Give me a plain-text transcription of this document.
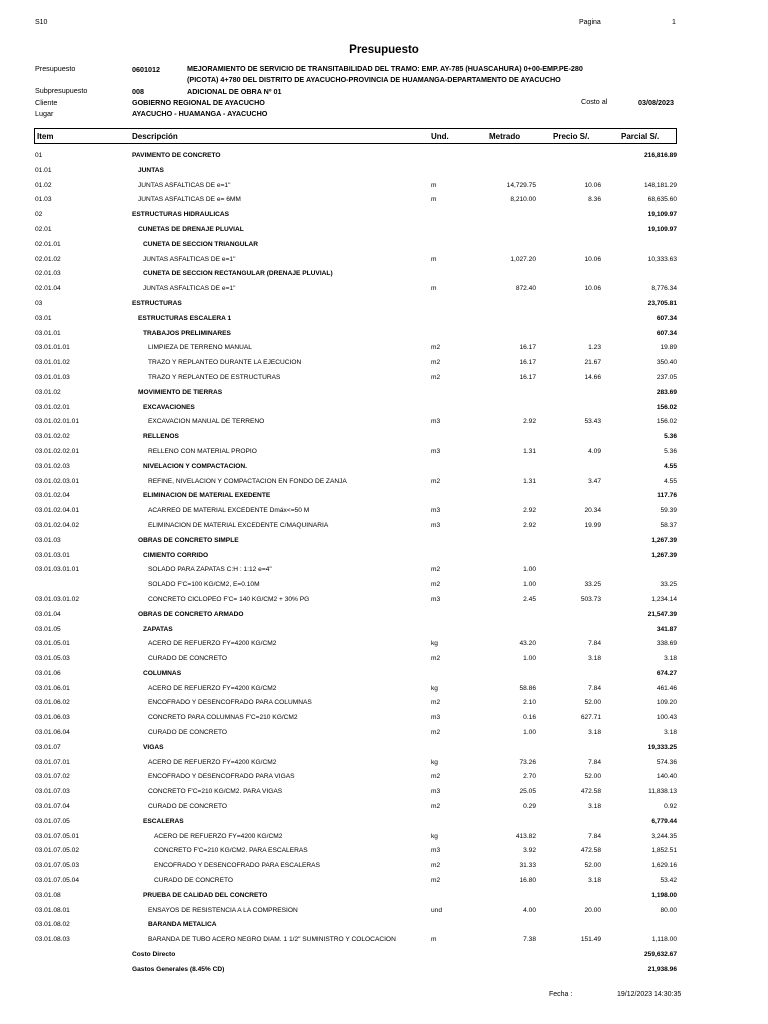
S10	Pagina	1
Presupuesto
Presupuesto	0601012	MEJORAMIENTO DE SERVICIO DE TRANSITABILIDAD DEL TRAMO: EMP. AY-785 (HUASCAHURA) 0+00-EMP.PE-280
(PICOTA) 4+780 DEL DISTRITO DE AYACUCHO-PROVINCIA DE HUAMANGA-DEPARTAMENTO DE AYACUCHO
Subpresupuesto	008	ADICIONAL DE OBRA Nº 01
Cliente	GOBIERNO REGIONAL DE AYACUCHO	Costo al	03/08/2023
Lugar	AYACUCHO - HUAMANGA - AYACUCHO
Item	Descripción	Und.	Metrado	Precio S/.	Parcial S/.
01	PAVIMENTO DE CONCRETO	216,816.89
01.01	JUNTAS
01.02	JUNTAS ASFALTICAS DE e=1"	m	14,729.75	10.06	148,181.29
01.03	JUNTAS ASFALTICAS DE e= 6MM	m	8,210.00	8.36	68,635.60
02	ESTRUCTURAS HIDRAULICAS	19,109.97
02.01	CUNETAS DE DRENAJE PLUVIAL	19,109.97
02.01.01	CUNETA DE SECCION TRIANGULAR
02.01.02	JUNTAS ASFALTICAS DE e=1"	m	1,027.20	10.06	10,333.63
02.01.03	CUNETA DE SECCION RECTANGULAR (DRENAJE PLUVIAL)
02.01.04	JUNTAS ASFALTICAS DE e=1"	m	872.40	10.06	8,776.34
03	ESTRUCTURAS	23,705.81
03.01	ESTRUCTURAS ESCALERA 1	607.34
03.01.01	TRABAJOS PRELIMINARES	607.34
03.01.01.01	LIMPIEZA DE TERRENO MANUAL	m2	16.17	1.23	19.89
03.01.01.02	TRAZO Y REPLANTEO DURANTE LA EJECUCION	m2	16.17	21.67	350.40
03.01.01.03	TRAZO Y REPLANTEO DE ESTRUCTURAS	m2	16.17	14.66	237.05
03.01.02	MOVIMIENTO DE TIERRAS	283.69
03.01.02.01	EXCAVACIONES	156.02
03.01.02.01.01	EXCAVACION MANUAL DE TERRENO	m3	2.92	53.43	156.02
03.01.02.02	RELLENOS	5.36
03.01.02.02.01	RELLENO CON MATERIAL PROPIO	m3	1.31	4.09	5.36
03.01.02.03	NIVELACION Y COMPACTACION.	4.55
03.01.02.03.01	REFINE, NIVELACION Y COMPACTACION EN FONDO DE ZANJA	m2	1.31	3.47	4.55
03.01.02.04	ELIMINACION DE MATERIAL EXEDENTE	117.76
03.01.02.04.01	ACARREO DE MATERIAL EXCEDENTE Dmáx<=50 M	m3	2.92	20.34	59.39
03.01.02.04.02	ELIMINACION DE MATERIAL EXCEDENTE C/MAQUINARIA	m3	2.92	19.99	58.37
03.01.03	OBRAS DE CONCRETO SIMPLE	1,267.39
03.01.03.01	CIMIENTO CORRIDO	1,267.39
03.01.03.01.01	SOLADO PARA ZAPATAS C:H : 1:12 e=4"	m2	1.00
SOLADO F'C=100 KG/CM2, E=0.10M	m2	1.00	33.25	33.25
03.01.03.01.02	CONCRETO CICLOPEO F'C= 140 KG/CM2 + 30% PG	m3	2.45	503.73	1,234.14
03.01.04	OBRAS DE CONCRETO ARMADO	21,547.39
03.01.05	ZAPATAS	341.87
03.01.05.01	ACERO DE REFUERZO FY=4200 KG/CM2	kg	43.20	7.84	338.69
03.01.05.03	CURADO DE CONCRETO	m2	1.00	3.18	3.18
03.01.06	COLUMNAS	674.27
03.01.06.01	ACERO DE REFUERZO FY=4200 KG/CM2	kg	58.86	7.84	461.46
03.01.06.02	ENCOFRADO Y DESENCOFRADO PARA COLUMNAS	m2	2.10	52.00	109.20
03.01.06.03	CONCRETO PARA COLUMNAS F'C=210 KG/CM2	m3	0.16	627.71	100.43
03.01.06.04	CURADO DE CONCRETO	m2	1.00	3.18	3.18
03.01.07	VIGAS	19,333.25
03.01.07.01	ACERO DE REFUERZO FY=4200 KG/CM2	kg	73.26	7.84	574.36
03.01.07.02	ENCOFRADO Y DESENCOFRADO PARA VIGAS	m2	2.70	52.00	140.40
03.01.07.03	CONCRETO F'C=210 KG/CM2. PARA VIGAS	m3	25.05	472.58	11,838.13
03.01.07.04	CURADO DE CONCRETO	m2	0.29	3.18	0.92
03.01.07.05	ESCALERAS	6,779.44
03.01.07.05.01	ACERO DE REFUERZO FY=4200 KG/CM2	kg	413.82	7.84	3,244.35
03.01.07.05.02	CONCRETO F'C=210 KG/CM2. PARA ESCALERAS	m3	3.92	472.58	1,852.51
03.01.07.05.03	ENCOFRADO Y DESENCOFRADO PARA ESCALERAS	m2	31.33	52.00	1,629.16
03.01.07.05.04	CURADO DE CONCRETO	m2	16.80	3.18	53.42
03.01.08	PRUEBA DE CALIDAD DEL CONCRETO	1,198.00
03.01.08.01	ENSAYOS DE RESISTENCIA A LA COMPRESION	und	4.00	20.00	80.00
03.01.08.02	BARANDA METALICA
03.01.08.03	BARANDA DE TUBO ACERO NEGRO DIAM. 1 1/2" SUMINISTRO Y COLOCACION	m	7.38	151.49	1,118.00
Costo Directo	259,632.67
Gastos Generales (8.45% CD)	21,938.96
Fecha :	19/12/2023 14:30:35
